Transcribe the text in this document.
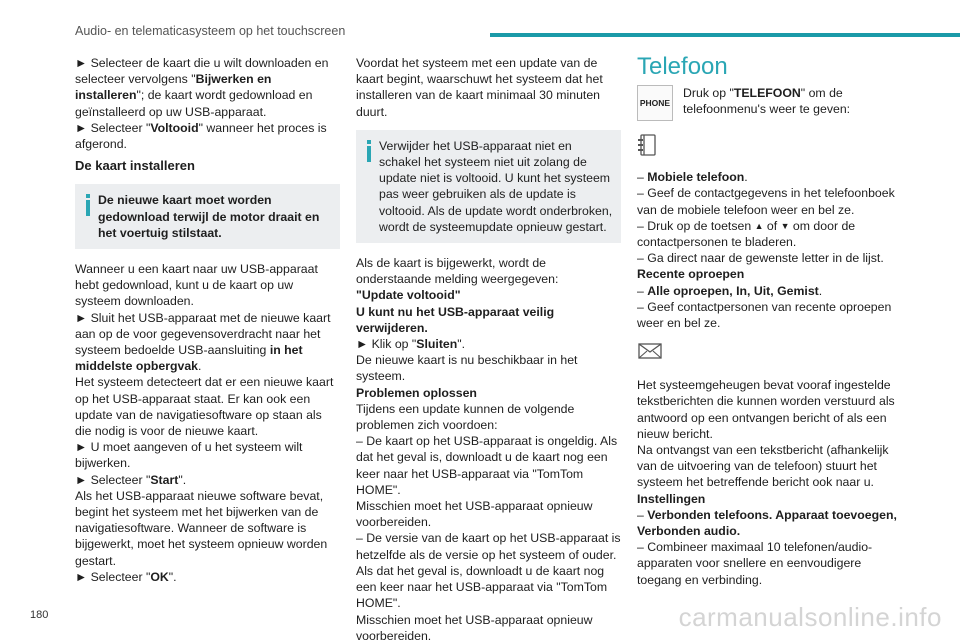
Audio- en telematicasysteem op het touchscreen

► Selecteer de kaart die u wilt downloaden en selecteer vervolgens "Bijwerken en installeren"; de kaart wordt gedownload en geïnstalleerd op uw USB-apparaat.

► Selecteer "Voltooid" wanneer het proces is afgerond.

De kaart installeren

De nieuwe kaart moet worden gedownload terwijl de motor draait en het voertuig stilstaat.

Wanneer u een kaart naar uw USB-apparaat hebt gedownload, kunt u de kaart op uw systeem downloaden.

► Sluit het USB-apparaat met de nieuwe kaart aan op de voor gegevensoverdracht naar het systeem bedoelde USB-aansluiting in het middelste opbergvak.

Het systeem detecteert dat er een nieuwe kaart op het USB-apparaat staat. Er kan ook een update van de navigatiesoftware op staan als die nodig is voor de nieuwe kaart.

► U moet aangeven of u het systeem wilt bijwerken.

► Selecteer "Start".

Als het USB-apparaat nieuwe software bevat, begint het systeem met het bijwerken van de navigatiesoftware. Wanneer de software is bijgewerkt, moet het systeem opnieuw worden gestart.

► Selecteer "OK".

Voordat het systeem met een update van de kaart begint, waarschuwt het systeem dat het installeren van de kaart minimaal 30 minuten duurt.

Verwijder het USB-apparaat niet en schakel het systeem niet uit zolang de update niet is voltooid. U kunt het systeem pas weer gebruiken als de update is voltooid. Als de update wordt onderbroken, wordt de systeemupdate opnieuw gestart.

Als de kaart is bijgewerkt, wordt de onderstaande melding weergegeven:

"Update voltooid"

U kunt nu het USB-apparaat veilig verwijderen.

► Klik op "Sluiten".

De nieuwe kaart is nu beschikbaar in het systeem.

Problemen oplossen

Tijdens een update kunnen de volgende problemen zich voordoen:

– De kaart op het USB-apparaat is ongeldig. Als dat het geval is, downloadt u de kaart nog een keer naar het USB-apparaat via "TomTom HOME".

Misschien moet het USB-apparaat opnieuw voorbereiden.

– De versie van de kaart op het USB-apparaat is hetzelfde als de versie op het systeem of ouder. Als dat het geval is, downloadt u de kaart nog een keer naar het USB-apparaat via "TomTom HOME".

Misschien moet het USB-apparaat opnieuw voorbereiden.

Telefoon
PHONE

Druk op "TELEFOON" om de telefoonmenu's weer te geven:

– Mobiele telefoon.

– Geef de contactgegevens in het telefoonboek van de mobiele telefoon weer en bel ze.

– Druk op de toetsen ▲ of ▼ om door de contactpersonen te bladeren.

– Ga direct naar de gewenste letter in de lijst.

Recente oproepen

– Alle oproepen, In, Uit, Gemist.

– Geef contactpersonen van recente oproepen weer en bel ze.

Het systeemgeheugen bevat vooraf ingestelde tekstberichten die kunnen worden verstuurd als antwoord op een ontvangen bericht of als een nieuw bericht.

Na ontvangst van een tekstbericht (afhankelijk van de uitvoering van de telefoon) stuurt het systeem het betreffende bericht ook naar u.

Instellingen

– Verbonden telefoons. Apparaat toevoegen, Verbonden audio.

– Combineer maximaal 10 telefonen/audio-apparaten voor snellere en eenvoudigere toegang en verbinding.

180	carmanualsonline.info
